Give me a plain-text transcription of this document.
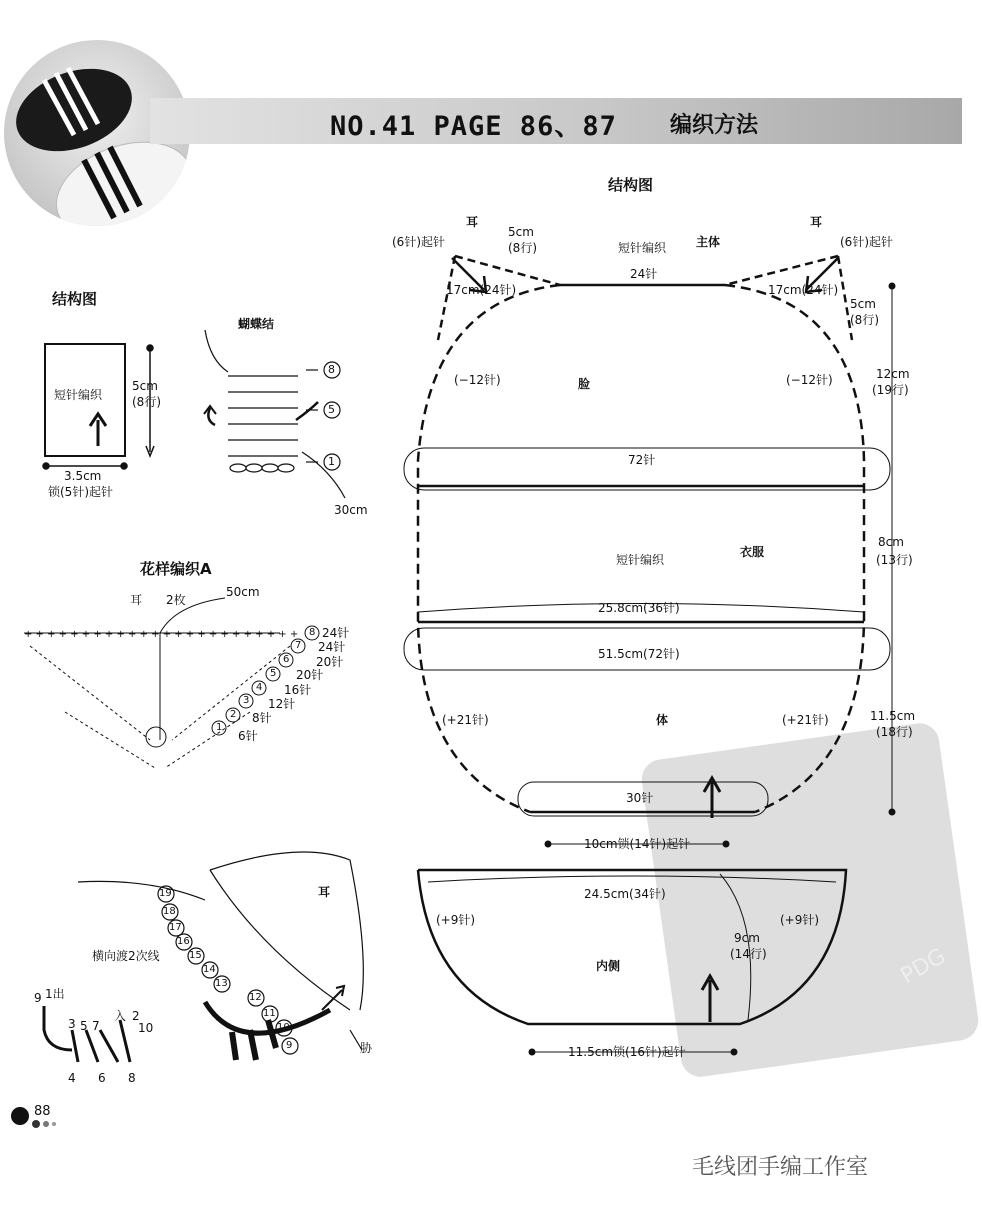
NO.41 PAGE 86、87 编织方法
PDG
+ + + + + + + + + + + + + + + + + + + + + + + +
结构图
短针编织
5cm
(8行)
3.5cm
锁(5针)起针
蝴蝶结
8
5
1
30cm
花样编织A
耳 2枚
50cm
8 24针
7 24针
6 20针
5 20针
4 16针
3 12针
2 8针
1
6针
耳
横向渡2次线
胁
19
18
17
16
15
14
13
12
11
10
9
9 1出
3 5 7
入 2
10
4 6 8
结构图
耳	耳
(6针)起针	(6针)起针
5cm
(8行)	短针编织 主体
24针
17cm(24针)	17cm(24针)
5cm
(8行)
(−12针)	(−12针)
脸
12cm
(19行)
72针
短针编织
衣服
8cm
(13行)
25.8cm(36针)
51.5cm(72针)
(+21针)	体	(+21针)	11.5cm
(18行)
30针
10cm锁(14针)起针
24.5cm(34针)
(+9针)	(+9针)
9cm
(14行)
内侧
11.5cm锁(16针)起针
88
毛线团手编工作室
